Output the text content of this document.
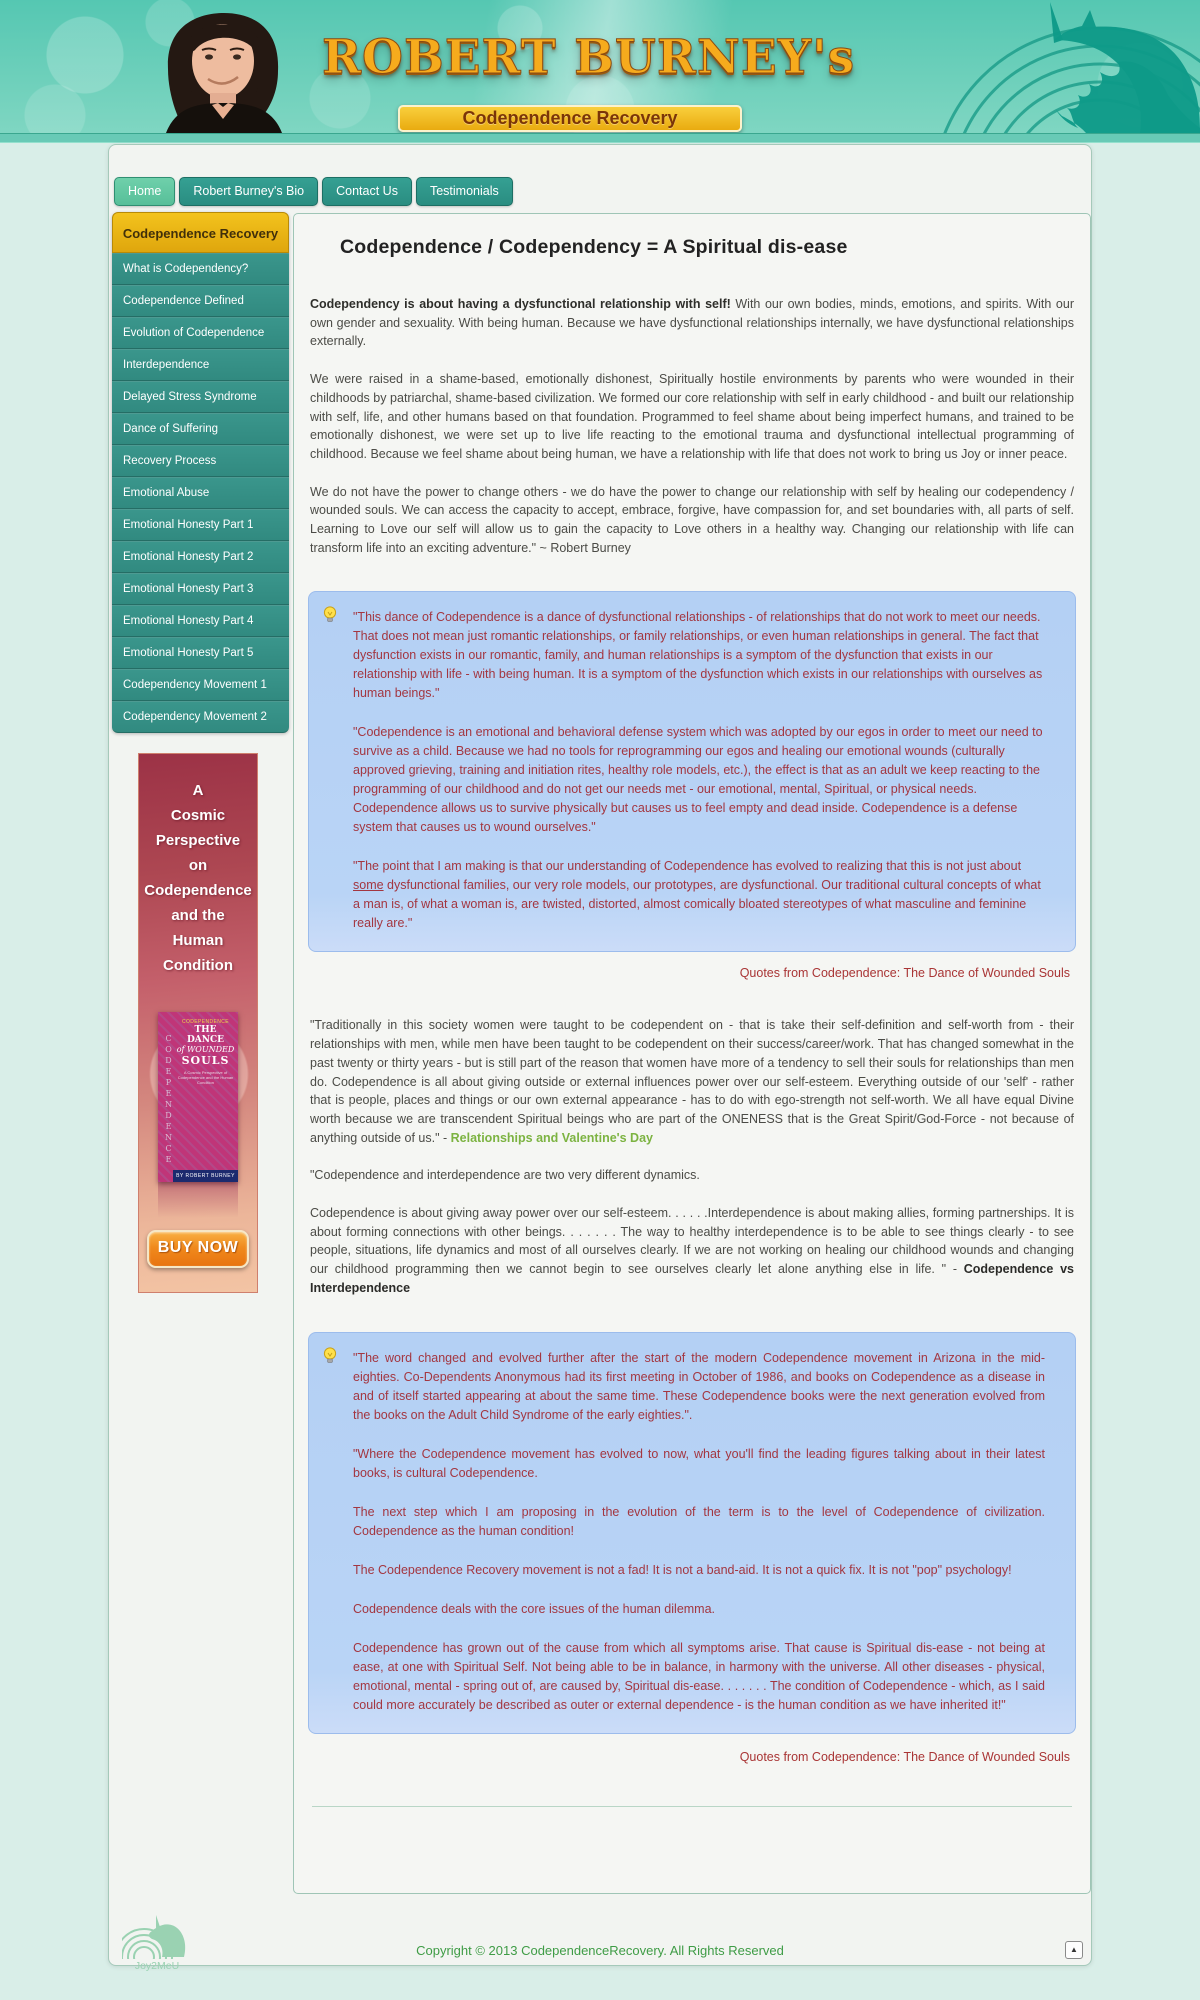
ROBERT BURNEY's
Codependence Recovery
Home	Robert Burney's Bio	Contact Us	Testimonials
Codependence Recovery
What is Codependency?
Codependence Defined
Evolution of Codependence
Interdependence
Delayed Stress Syndrome
Dance of Suffering
Recovery Process
Emotional Abuse
Emotional Honesty Part 1
Emotional Honesty Part 2
Emotional Honesty Part 3
Emotional Honesty Part 4
Emotional Honesty Part 5
Codependency Movement 1
Codependency Movement 2
A
Cosmic
Perspective
on
Codependence
and the
Human
Condition
CODEPENDENCE
CODEPENDENCE
THE DANCE
of WOUNDED
SOULS
A Cosmic Perspective of Codependence and the Human Condition
BY ROBERT BURNEY
BUY NOW
Codependence / Codependency = A Spiritual dis-ease

Codependency is about having a dysfunctional relationship with self! With our own bodies, minds, emotions, and spirits. With our own gender and sexuality. With being human. Because we have dysfunctional relationships internally, we have dysfunctional relationships externally.

We were raised in a shame-based, emotionally dishonest, Spiritually hostile environments by parents who were wounded in their childhoods by patriarchal, shame-based civilization. We formed our core relationship with self in early childhood - and built our relationship with self, life, and other humans based on that foundation. Programmed to feel shame about being imperfect humans, and trained to be emotionally dishonest, we were set up to live life reacting to the emotional trauma and dysfunctional intellectual programming of childhood. Because we feel shame about being human, we have a relationship with life that does not work to bring us Joy or inner peace.

We do not have the power to change others - we do have the power to change our relationship with self by healing our codependency / wounded souls. We can access the capacity to accept, embrace, forgive, have compassion for, and set boundaries with, all parts of self. Learning to Love our self will allow us to gain the capacity to Love others in a healthy way. Changing our relationship with life can transform life into an exciting adventure." ~ Robert Burney

"This dance of Codependence is a dance of dysfunctional relationships - of relationships that do not work to meet our needs. That does not mean just romantic relationships, or family relationships, or even human relationships in general. The fact that dysfunction exists in our romantic, family, and human relationships is a symptom of the dysfunction that exists in our relationship with life - with being human. It is a symptom of the dysfunction which exists in our relationships with ourselves as human beings."

"Codependence is an emotional and behavioral defense system which was adopted by our egos in order to meet our need to survive as a child. Because we had no tools for reprogramming our egos and healing our emotional wounds (culturally approved grieving, training and initiation rites, healthy role models, etc.), the effect is that as an adult we keep reacting to the programming of our childhood and do not get our needs met - our emotional, mental, Spiritual, or physical needs. Codependence allows us to survive physically but causes us to feel empty and dead inside. Codependence is a defense system that causes us to wound ourselves."

"The point that I am making is that our understanding of Codependence has evolved to realizing that this is not just about some dysfunctional families, our very role models, our prototypes, are dysfunctional. Our traditional cultural concepts of what a man is, of what a woman is, are twisted, distorted, almost comically bloated stereotypes of what masculine and feminine really are."

Quotes from Codependence: The Dance of Wounded Souls

"Traditionally in this society women were taught to be codependent on - that is take their self-definition and self-worth from - their relationships with men, while men have been taught to be codependent on their success/career/work. That has changed somewhat in the past twenty or thirty years - but is still part of the reason that women have more of a tendency to sell their souls for relationships than men do. Codependence is all about giving outside or external influences power over our self-esteem. Everything outside of our 'self' - rather that is people, places and things or our own external appearance - has to do with ego-strength not self-worth. We all have equal Divine worth because we are transcendent Spiritual beings who are part of the ONENESS that is the Great Spirit/God-Force - not because of anything outside of us." - Relationships and Valentine's Day

"Codependence and interdependence are two very different dynamics.

Codependence is about giving away power over our self-esteem. . . . . .Interdependence is about making allies, forming partnerships. It is about forming connections with other beings. . . . . . . The way to healthy interdependence is to be able to see things clearly - to see people, situations, life dynamics and most of all ourselves clearly. If we are not working on healing our childhood wounds and changing our childhood programming then we cannot begin to see ourselves clearly let alone anything else in life. " - Codependence vs Interdependence

"The word changed and evolved further after the start of the modern Codependence movement in Arizona in the mid-eighties. Co-Dependents Anonymous had its first meeting in October of 1986, and books on Codependence as a disease in and of itself started appearing at about the same time. These Codependence books were the next generation evolved from the books on the Adult Child Syndrome of the early eighties.".

"Where the Codependence movement has evolved to now, what you'll find the leading figures talking about in their latest books, is cultural Codependence.

The next step which I am proposing in the evolution of the term is to the level of Codependence of civilization. Codependence as the human condition!

The Codependence Recovery movement is not a fad! It is not a band-aid. It is not a quick fix. It is not "pop" psychology!

Codependence deals with the core issues of the human dilemma.

Codependence has grown out of the cause from which all symptoms arise. That cause is Spiritual dis-ease - not being at ease, at one with Spiritual Self. Not being able to be in balance, in harmony with the universe. All other diseases - physical, emotional, mental - spring out of, are caused by, Spiritual dis-ease. . . . . . . The condition of Codependence - which, as I said could more accurately be described as outer or external dependence - is the human condition as we have inherited it!"

Quotes from Codependence: The Dance of Wounded Souls

Joy2MeU
Copyright © 2013 CodependenceRecovery. All Rights Reserved	▲
